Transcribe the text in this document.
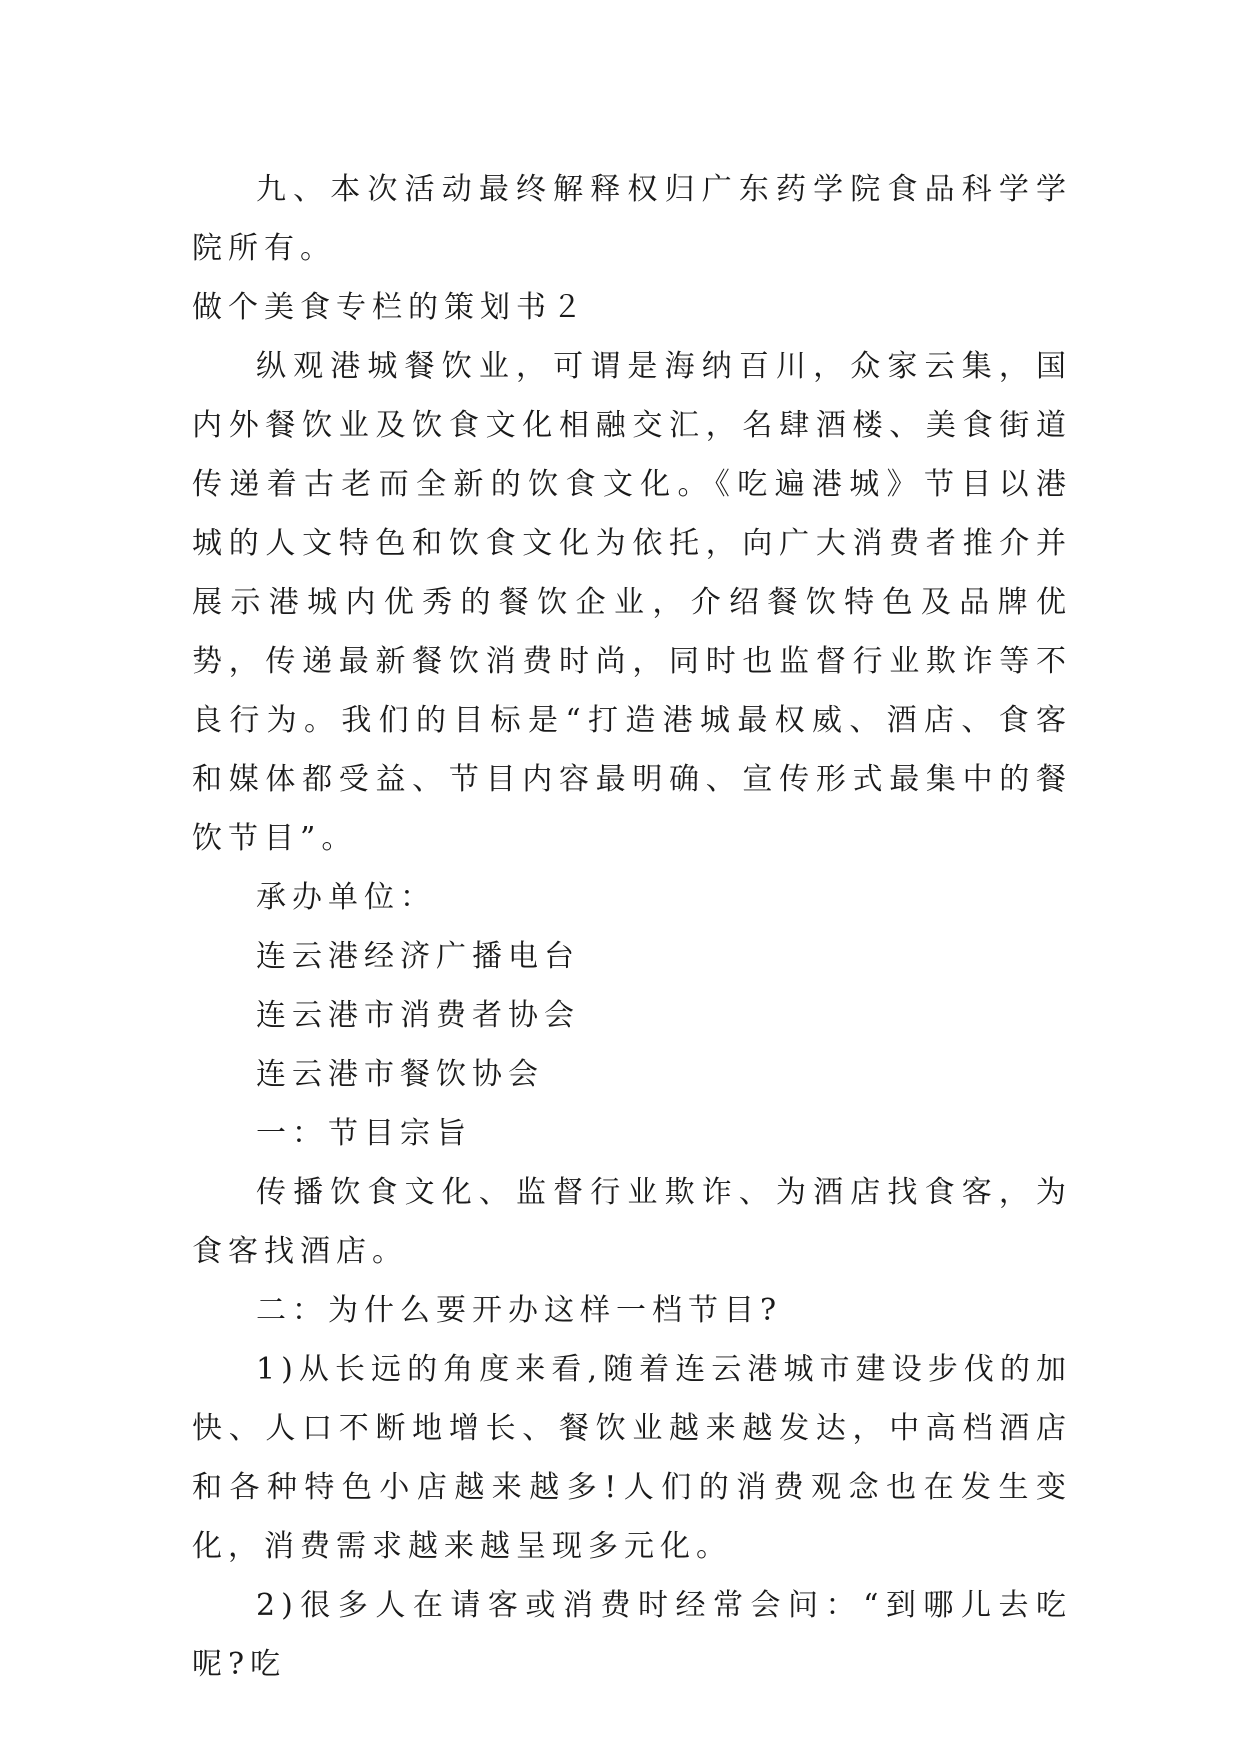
九、本次活动最终解释权归广东药学院食品科学学院所有。

做个美食专栏的策划书２

纵观港城餐饮业，可谓是海纳百川，众家云集，国内外餐饮业及饮食文化相融交汇，名肆酒楼、美食街道传递着古老而全新的饮食文化。《吃遍港城》节目以港城的人文特色和饮食文化为依托，向广大消费者推介并展示港城内优秀的餐饮企业，介绍餐饮特色及品牌优势，传递最新餐饮消费时尚，同时也监督行业欺诈等不良行为。我们的目标是“打造港城最权威、酒店、食客和媒体都受益、节目内容最明确、宣传形式最集中的餐饮节目”。

承办单位：

连云港经济广播电台

连云港市消费者协会

连云港市餐饮协会

一：节目宗旨

传播饮食文化、监督行业欺诈、为酒店找食客，为食客找酒店。

二：为什么要开办这样一档节目?

1)从长远的角度来看,随着连云港城市建设步伐的加快、人口不断地增长、餐饮业越来越发达，中高档酒店和各种特色小店越来越多!人们的消费观念也在发生变化，消费需求越来越呈现多元化。

2)很多人在请客或消费时经常会问：“到哪儿去吃呢?吃
